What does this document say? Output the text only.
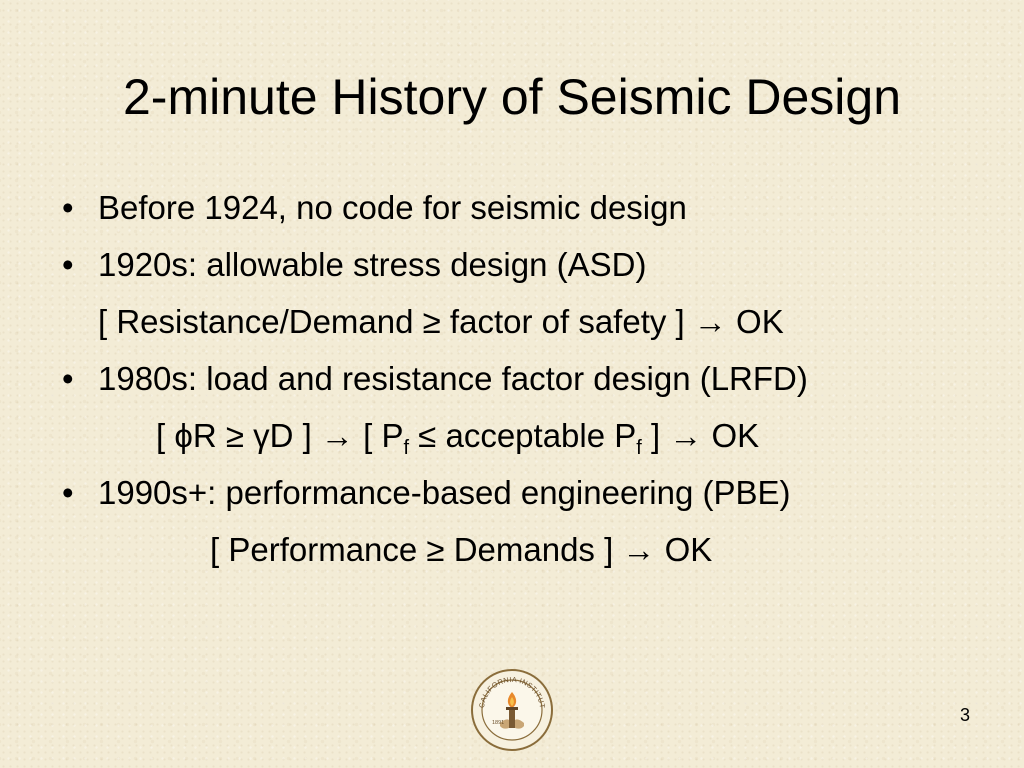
2-minute History of Seismic Design
• Before 1924, no code for seismic design
• 1920s: allowable stress design (ASD)
[ Resistance/Demand ≥ factor of safety ] → OK
• 1980s: load and resistance factor design (LRFD)
[ ϕR ≥ γD ] → [ $P_f$ ≤ acceptable $P_f$ ] → OK
• 1990s+: performance-based engineering (PBE)
[ Performance ≥ Demands ] → OK
CALIFORNIA INSTITUT
1891	3
